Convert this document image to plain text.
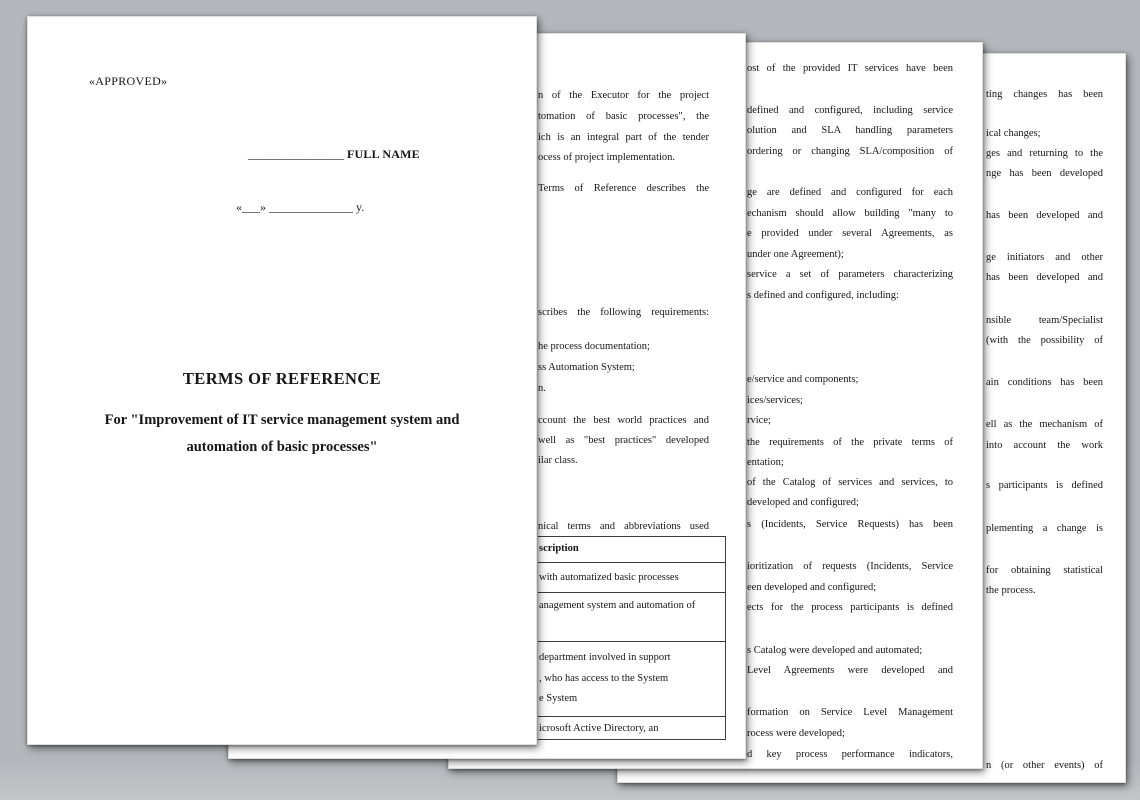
ting changes has been
ical changes;
ges and returning to the
nge has been developed
has been developed and
ge initiators and other
has been developed and
nsible team/Specialist
(with the possibility of
ain conditions has been
ell as the mechanism of
into account the work
s participants is defined
plementing a change is
for obtaining statistical
the process.
n (or other events) of
ost of the provided IT services have been
defined and configured, including service
olution and SLA handling parameters
ordering or changing SLA/composition of
ge are defined and configured for each
echanism should allow building "many to
e provided under several Agreements, as
under one Agreement);
service a set of parameters characterizing
s defined and configured, including:
e/service and components;
ices/services;
rvice;
the requirements of the private terms of
entation;
of the Catalog of services and services, to
developed and configured;
s (Incidents, Service Requests) has been
ioritization of requests (Incidents, Service
een developed and configured;
ects for the process participants is defined
s Catalog were developed and automated;
Level Agreements were developed and
formation on Service Level Management
rocess were developed;
d key process performance indicators,
n of the Executor for the project
tomation of basic processes", the
ich is an integral part of the tender
ocess of project implementation.
Terms of Reference describes the
scribes the following requirements:
he process documentation;
ss Automation System;
n.
ccount the best world practices and
well as "best practices" developed
ilar class.
nical terms and abbreviations used
scription
with automatized basic processes
anagement system and automation of
department involved in support
, who has access to the System
e System
icrosoft Active Directory, an
«APPROVED»
________________ FULL NAME
«___» ______________ y.
TERMS OF REFERENCE
For "Improvement of IT service management system and
automation of basic processes"
